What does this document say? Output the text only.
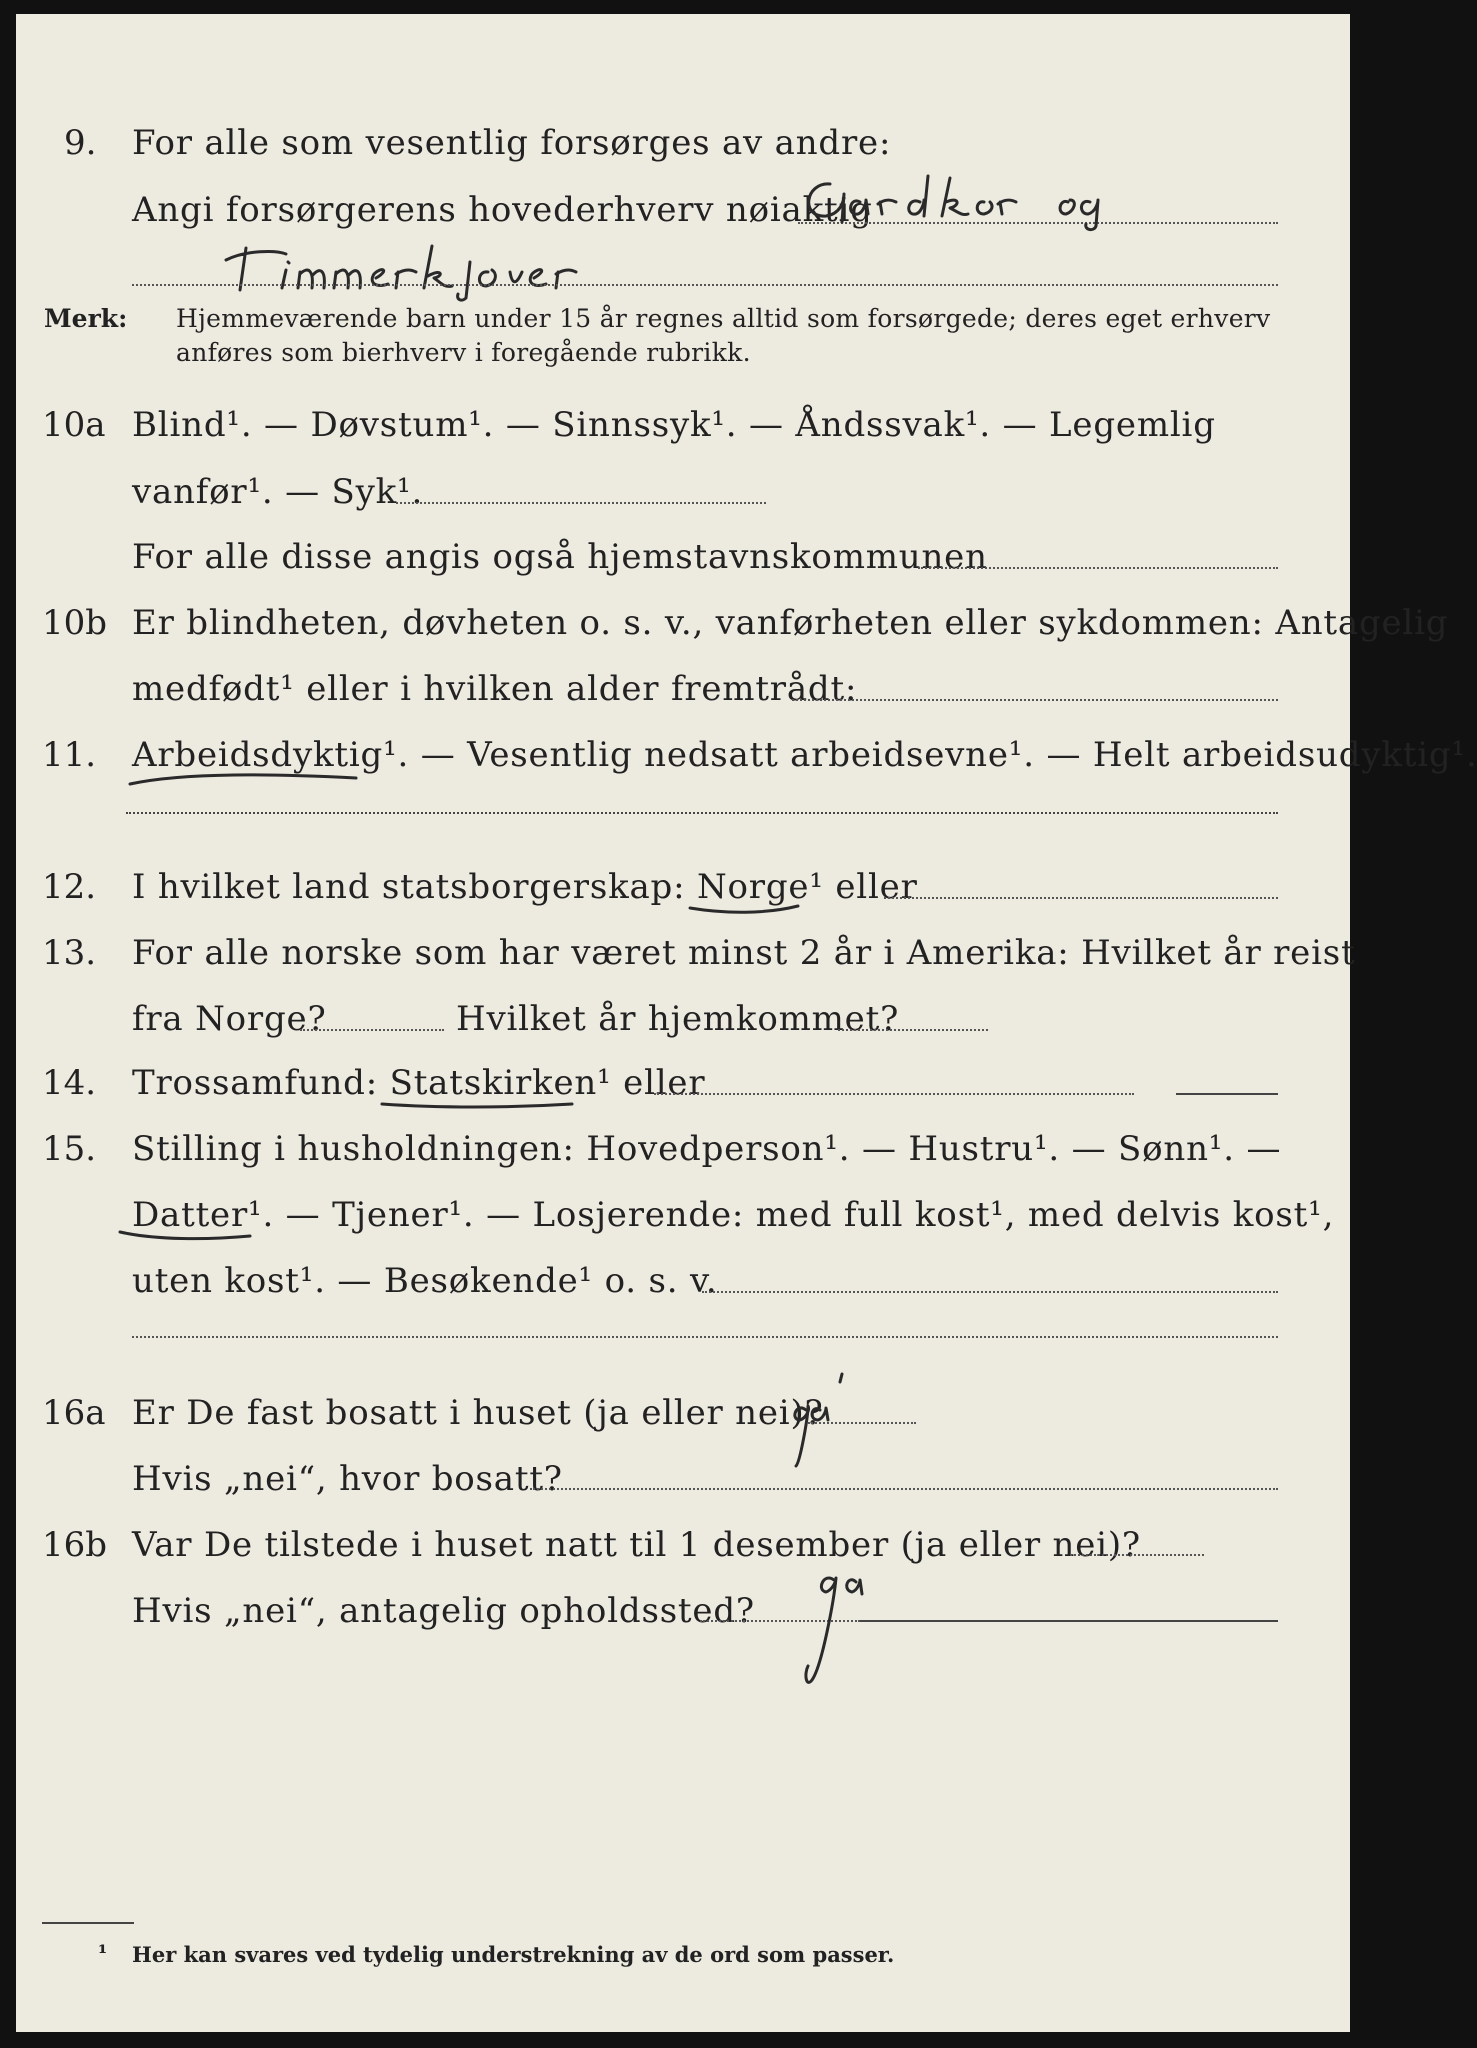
9. For alle som vesentlig forsørges av andre:
Angi forsørgerens hovederhverv nøiaktig
Merk: Hjemmeværende barn under 15 år regnes alltid som forsørgede; deres eget erhverv
anføres som bierhverv i foregående rubrikk.
10a Blind¹. — Døvstum¹. — Sinnssyk¹. — Åndssvak¹. — Legemlig
vanfør¹. — Syk¹.
For alle disse angis også hjemstavnskommunen
10b Er blindheten, døvheten o. s. v., vanførheten eller sykdommen: Antagelig
medfødt¹ eller i hvilken alder fremtrådt:
11. Arbeidsdyktig¹. — Vesentlig nedsatt arbeidsevne¹. — Helt arbeidsudyktig¹.
12. I hvilket land statsborgerskap: Norge¹ eller
13. For alle norske som har været minst 2 år i Amerika: Hvilket år reist
fra Norge?	Hvilket år hjemkommet?
14. Trossamfund: Statskirken¹ eller
15. Stilling i husholdningen: Hovedperson¹. — Hustru¹. — Sønn¹. —
Datter¹. — Tjener¹. — Losjerende: med full kost¹, med delvis kost¹,
uten kost¹. — Besøkende¹ o. s. v.
16a Er De fast bosatt i huset (ja eller nei)?
ja
Hvis „nei“, hvor bosatt?
16b Var De tilstede i huset natt til 1 desember (ja eller nei)?
Hvis „nei“, antagelig opholdssted?
ja
¹ Her kan svares ved tydelig understrekning av de ord som passer.
